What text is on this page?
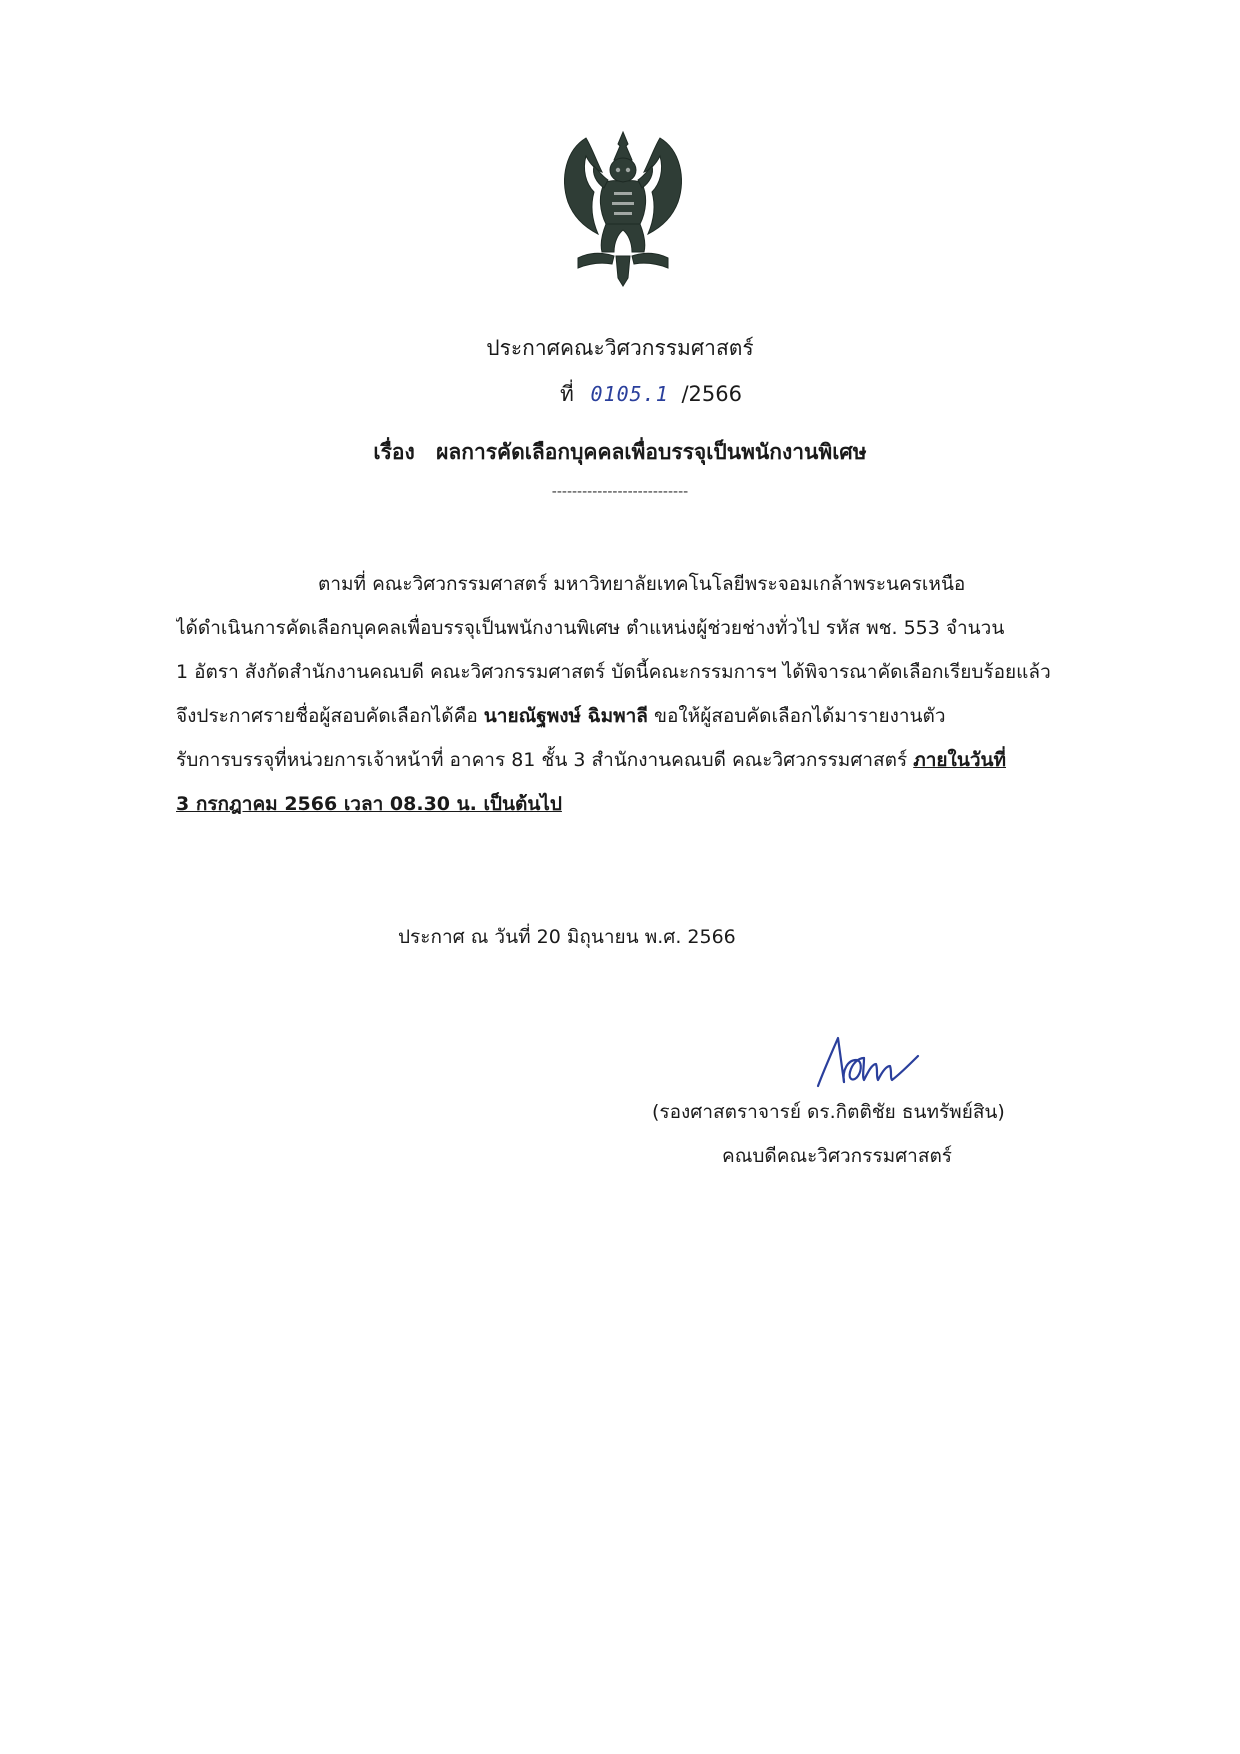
ประกาศคณะวิศวกรรมศาสตร์
ที่ 0105.1 /2566
เรื่อง ผลการคัดเลือกบุคคลเพื่อบรรจุเป็นพนักงานพิเศษ
---------------------------
ตามที่ คณะวิศวกรรมศาสตร์ มหาวิทยาลัยเทคโนโลยีพระจอมเกล้าพระนครเหนือ
ได้ดำเนินการคัดเลือกบุคคลเพื่อบรรจุเป็นพนักงานพิเศษ ตำแหน่งผู้ช่วยช่างทั่วไป รหัส พช. 553 จำนวน
1 อัตรา สังกัดสำนักงานคณบดี คณะวิศวกรรมศาสตร์ บัดนี้คณะกรรมการฯ ได้พิจารณาคัดเลือกเรียบร้อยแล้ว
จึงประกาศรายชื่อผู้สอบคัดเลือกได้คือ นายณัฐพงษ์ ฉิมพาลี ขอให้ผู้สอบคัดเลือกได้มารายงานตัว
รับการบรรจุที่หน่วยการเจ้าหน้าที่ อาคาร 81 ชั้น 3 สำนักงานคณบดี คณะวิศวกรรมศาสตร์ ภายในวันที่
3 กรกฎาคม 2566 เวลา 08.30 น. เป็นต้นไป
ประกาศ ณ วันที่ 20 มิถุนายน พ.ศ. 2566
(รองศาสตราจารย์ ดร.กิตติชัย ธนทรัพย์สิน)
คณบดีคณะวิศวกรรมศาสตร์
